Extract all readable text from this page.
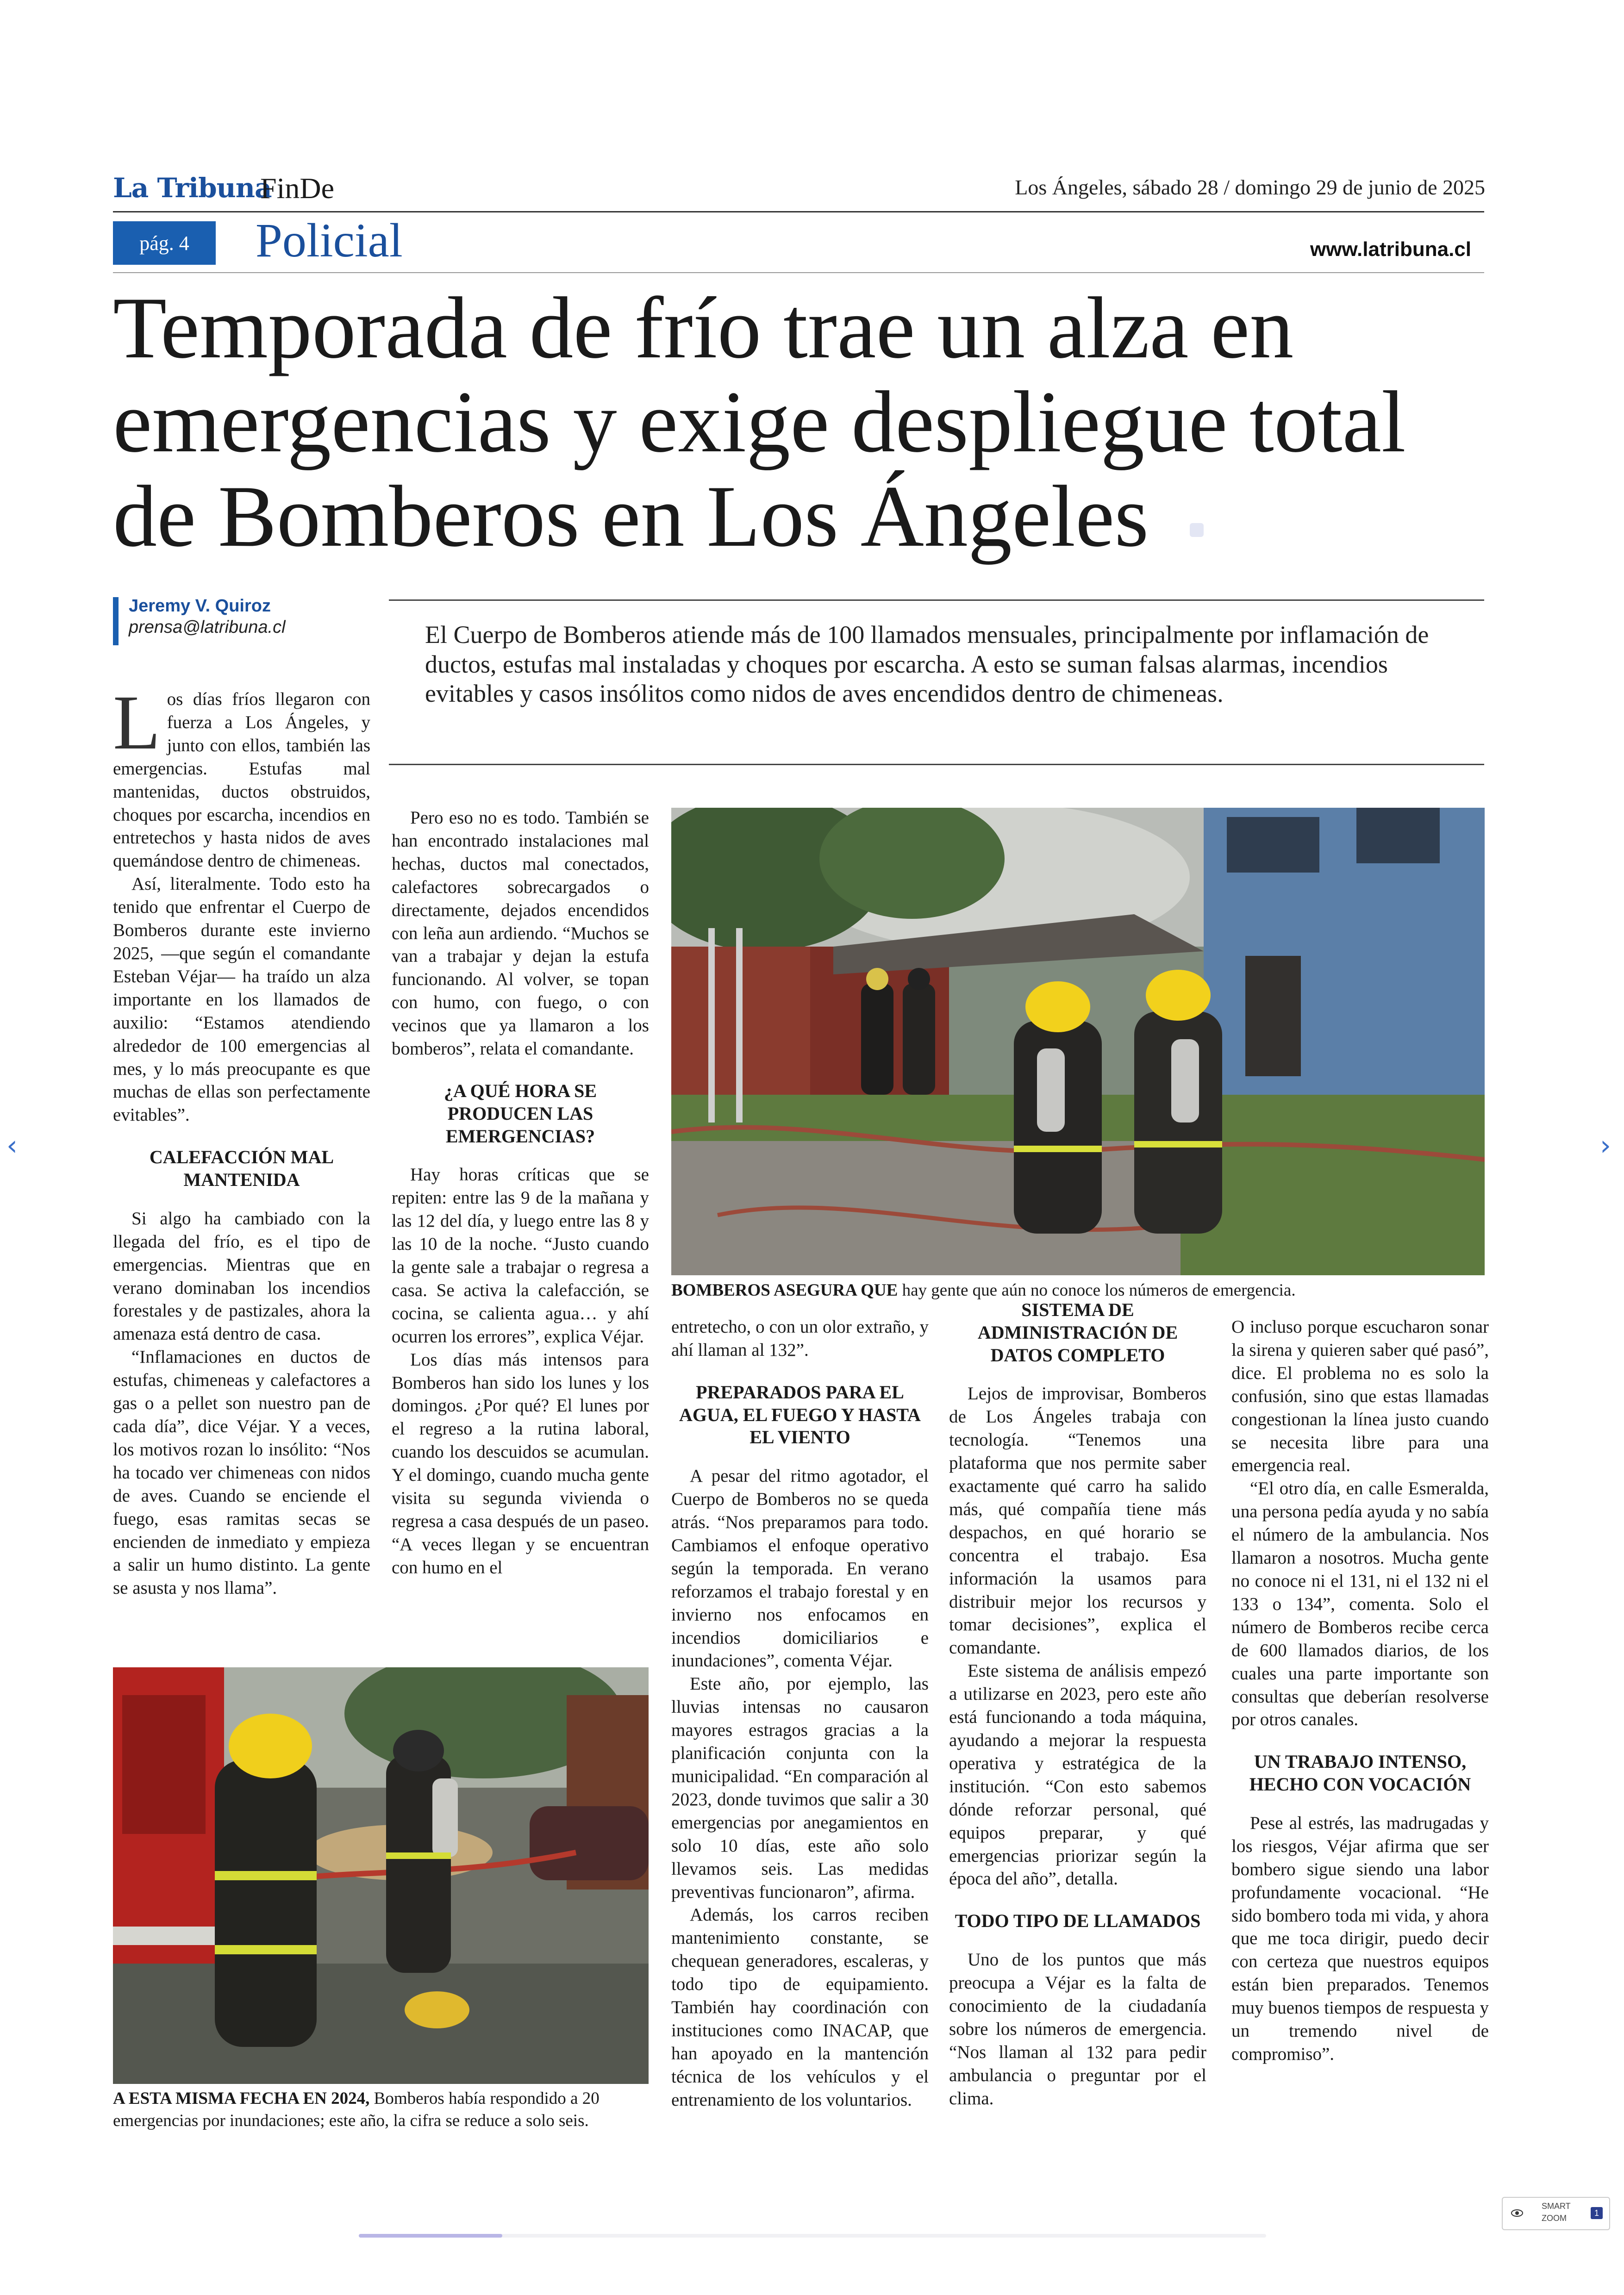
La Tribuna
FinDe	Los Ángeles, sábado 28 / domingo 29 de junio de 2025
pág. 4	Policial	www.latribuna.cl
Temporada de frío trae un alza en
emergencias y exige despliegue total
de Bomberos en Los Ángeles
Jeremy V. Quiroz
prensa@latribuna.cl	El Cuerpo de Bomberos atiende más de 100 llamados mensuales, principalmente por inflamación de ductos, estufas mal instaladas y choques por escarcha. A esto se suman falsas alarmas, incendios evitables y casos insólitos como nidos de aves encendidos dentro de chimeneas.

Los días fríos llegaron con fuerza a Los Ángeles, y junto con ellos, también las emergencias. Estufas mal mantenidas, ductos obstruidos, choques por escarcha, incendios en entretechos y hasta nidos de aves quemándose dentro de chimeneas.

Así, literalmente. Todo esto ha tenido que enfrentar el Cuerpo de Bomberos durante este invierno 2025, —que según el comandante Esteban Véjar— ha traído un alza importante en los llamados de auxilio: “Estamos atendiendo alrededor de 100 emergencias al mes, y lo más preocupante es que muchas de ellas son perfectamente evitables”.

CALEFACCIÓN MAL MANTENIDA

Si algo ha cambiado con la llegada del frío, es el tipo de emergencias. Mientras que en verano dominaban los incendios forestales y de pastizales, ahora la amenaza está dentro de casa.

“Inflamaciones en ductos de estufas, chimeneas y calefactores a gas o a pellet son nuestro pan de cada día”, dice Véjar. Y a veces, los motivos rozan lo insólito: “Nos ha tocado ver chimeneas con nidos de aves. Cuando se enciende el fuego, esas ramitas secas se encienden de inmediato y empieza a salir un humo distinto. La gente se asusta y nos llama”.

Pero eso no es todo. También se han encontrado instalaciones mal hechas, ductos mal conectados, calefactores sobrecargados o directamente, dejados encendidos con leña aun ardiendo. “Muchos se van a trabajar y dejan la estufa funcionando. Al volver, se topan con humo, con fuego, o con vecinos que ya llamaron a los bomberos”, relata el comandante.

¿A QUÉ HORA SE PRODUCEN LAS EMERGENCIAS?

Hay horas críticas que se repiten: entre las 9 de la mañana y las 12 del día, y luego entre las 8 y las 10 de la noche. “Justo cuando la gente sale a trabajar o regresa a casa. Se activa la calefacción, se cocina, se calienta agua… y ahí ocurren los errores”, explica Véjar.

Los días más intensos para Bomberos han sido los lunes y los domingos. ¿Por qué? El lunes por el regreso a la rutina laboral, cuando los descuidos se acumulan. Y el domingo, cuando mucha gente visita su segunda vivienda o regresa a casa después de un paseo. “A veces llegan y se encuentran con humo en el

BOMBEROS ASEGURA QUE hay gente que aún no conoce los números de emergencia.

entretecho, o con un olor extraño, y ahí llaman al 132”.

PREPARADOS PARA EL AGUA, EL FUEGO Y HASTA EL VIENTO

A pesar del ritmo agotador, el Cuerpo de Bomberos no se queda atrás. “Nos preparamos para todo. Cambiamos el enfoque operativo según la temporada. En verano reforzamos el trabajo forestal y en invierno nos enfocamos en incendios domiciliarios e inundaciones”, comenta Véjar.

Este año, por ejemplo, las lluvias intensas no causaron mayores estragos gracias a la planificación conjunta con la municipalidad. “En comparación al 2023, donde tuvimos que salir a 30 emergencias por anegamientos en solo 10 días, este año solo llevamos seis. Las medidas preventivas funcionaron”, afirma.

Además, los carros reciben mantenimiento constante, se chequean generadores, escaleras, y todo tipo de equipamiento. También hay coordinación con instituciones como INACAP, que han apoyado en la mantención técnica de los vehículos y el entrenamiento de los voluntarios.

SISTEMA DE ADMINISTRACIÓN DE DATOS COMPLETO

Lejos de improvisar, Bomberos de Los Ángeles trabaja con tecnología. “Tenemos una plataforma que nos permite saber exactamente qué carro ha salido más, qué compañía tiene más despachos, en qué horario se concentra el trabajo. Esa información la usamos para distribuir mejor los recursos y tomar decisiones”, explica el comandante.

Este sistema de análisis empezó a utilizarse en 2023, pero este año está funcionando a toda máquina, ayudando a mejorar la respuesta operativa y estratégica de la institución. “Con esto sabemos dónde reforzar personal, qué equipos preparar, y qué emergencias priorizar según la época del año”, detalla.

TODO TIPO DE LLAMADOS

Uno de los puntos que más preocupa a Véjar es la falta de conocimiento de la ciudadanía sobre los números de emergencia. “Nos llaman al 132 para pedir ambulancia o preguntar por el clima.

O incluso porque escucharon sonar la sirena y quieren saber qué pasó”, dice. El problema no es solo la confusión, sino que estas llamadas congestionan la línea justo cuando se necesita libre para una emergencia real.

“El otro día, en calle Esmeralda, una persona pedía ayuda y no sabía el número de la ambulancia. Nos llamaron a nosotros. Mucha gente no conoce ni el 131, ni el 132 ni el 133 o 134”, comenta. Solo el número de Bomberos recibe cerca de 600 llamados diarios, de los cuales una parte importante son consultas que deberían resolverse por otros canales.

UN TRABAJO INTENSO, HECHO CON VOCACIÓN

Pese al estrés, las madrugadas y los riesgos, Véjar afirma que ser bombero sigue siendo una labor profundamente vocacional. “He sido bombero toda mi vida, y ahora que me toca dirigir, puedo decir con certeza que nuestros equipos están bien preparados. Tenemos muy buenos tiempos de respuesta y un tremendo nivel de compromiso”.

A ESTA MISMA FECHA EN 2024, Bomberos había respondido a 20 emergencias por inundaciones; este año, la cifra se reduce a solo seis.
‹	›
SMART
ZOOM
1
